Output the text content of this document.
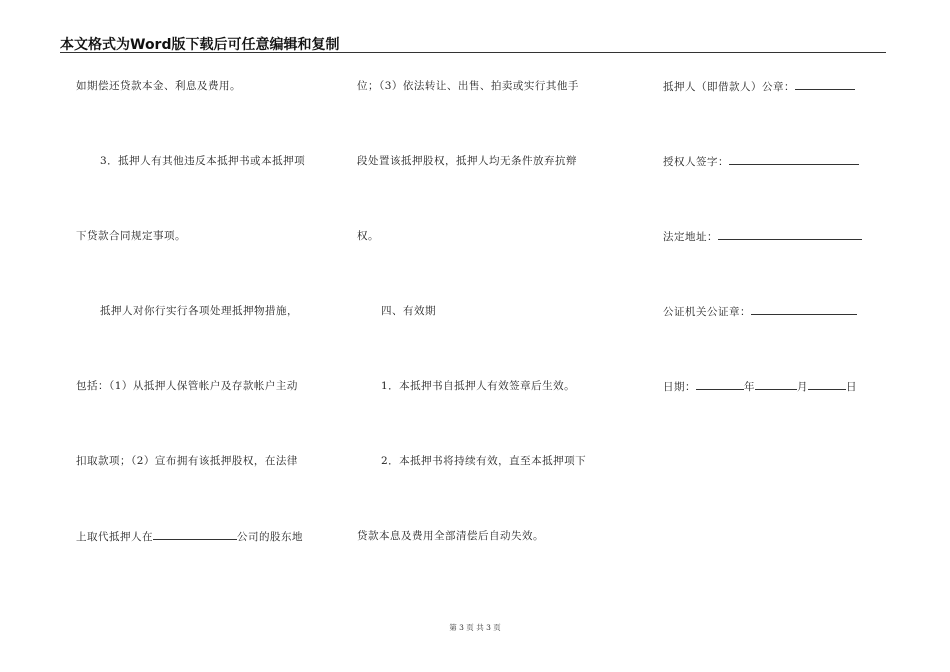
本文格式为Word版下载后可任意编辑和复制
如期偿还贷款本金、利息及费用。
3．抵押人有其他违反本抵押书或本抵押项
下贷款合同规定事项。
抵押人对你行实行各项处理抵押物措施，
包括：（1）从抵押人保管帐户及存款帐户主动
扣取款项；（2）宣布拥有该抵押股权，在法律
上取代抵押人在	公司的股东地
位；（3）依法转让、出售、拍卖或实行其他手
段处置该抵押股权，抵押人均无条件放弃抗辩
权。
四、有效期
1．本抵押书自抵押人有效签章后生效。
2．本抵押书将持续有效，直至本抵押项下
贷款本息及费用全部清偿后自动失效。
抵押人（即借款人）公章：
授权人签字：
法定地址：
公证机关公证章：
日期：	年	月	日
第 3 页 共 3 页
